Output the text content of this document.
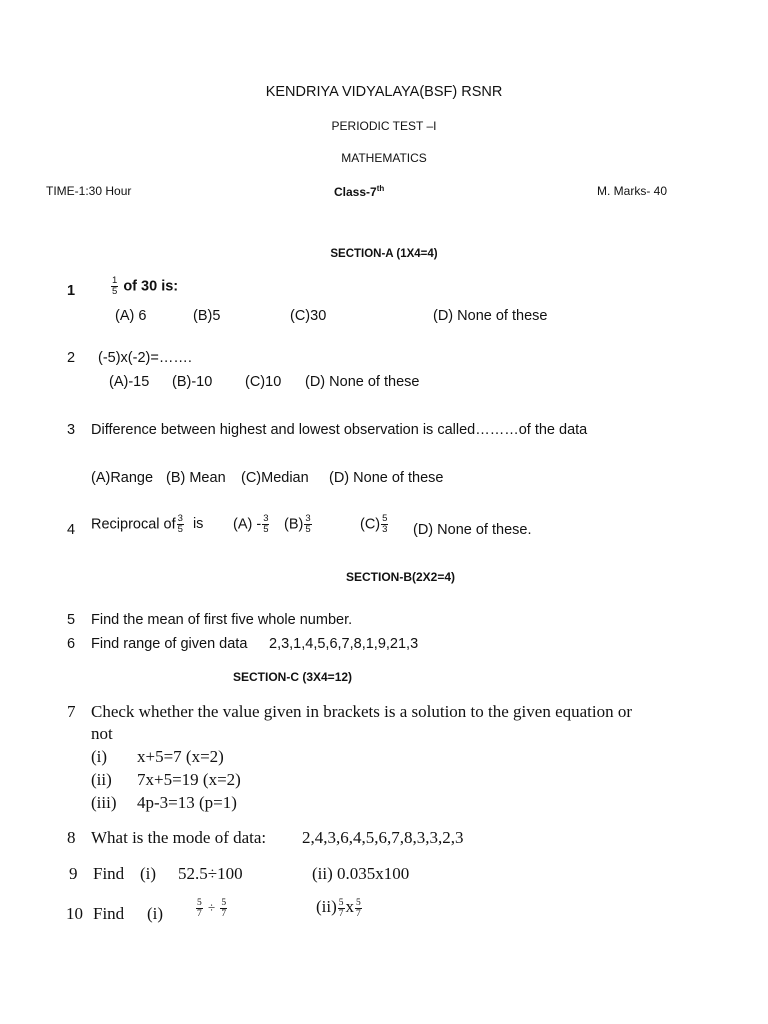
KENDRIYA VIDYALAYA(BSF) RSNR
PERIODIC TEST –I
MATHEMATICS
TIME-1:30 Hour	Class-7th	M. Marks- 40
SECTION-A (1X4=4)
1	$\frac{1}{5}$ of 30 is:
(A) 6	(B)5	(C)30	(D) None of these
2 (-5)x(-2)=…….
(A)-15 (B)-10 (C)10 (D) None of these
3 Difference between highest and lowest observation is called………of the data
(A)Range (B) Mean (C)Median (D) None of these
4 Reciprocal of $\frac{3}{5}$ is $(A) - \frac{3}{5} (B) \frac{3}{5}$	$(C) \frac{5}{3} (D)$ None of these.
SECTION-B(2X2=4)
5 Find the mean of first five whole number.
6 Find range of given data 2,3,1,4,5,6,7,8,1,9,21,3
SECTION-C (3X4=12)
7 Check whether the value given in brackets is a solution to the given equation or
not
(i) x+5=7 (x=2)
(ii) 7x+5=19 (x=2)
(iii) 4p-3=13 (p=1)
8 What is the mode of data: 2,4,3,6,4,5,6,7,8,3,3,2,3
9 Find (i) 52.5÷100	(ii) 0.035x100
10 Find (i)	$\frac{5}{7} \div \frac{5}{7}$	$(ii) \frac{5}{7}$ x $\frac{5}{7}$
